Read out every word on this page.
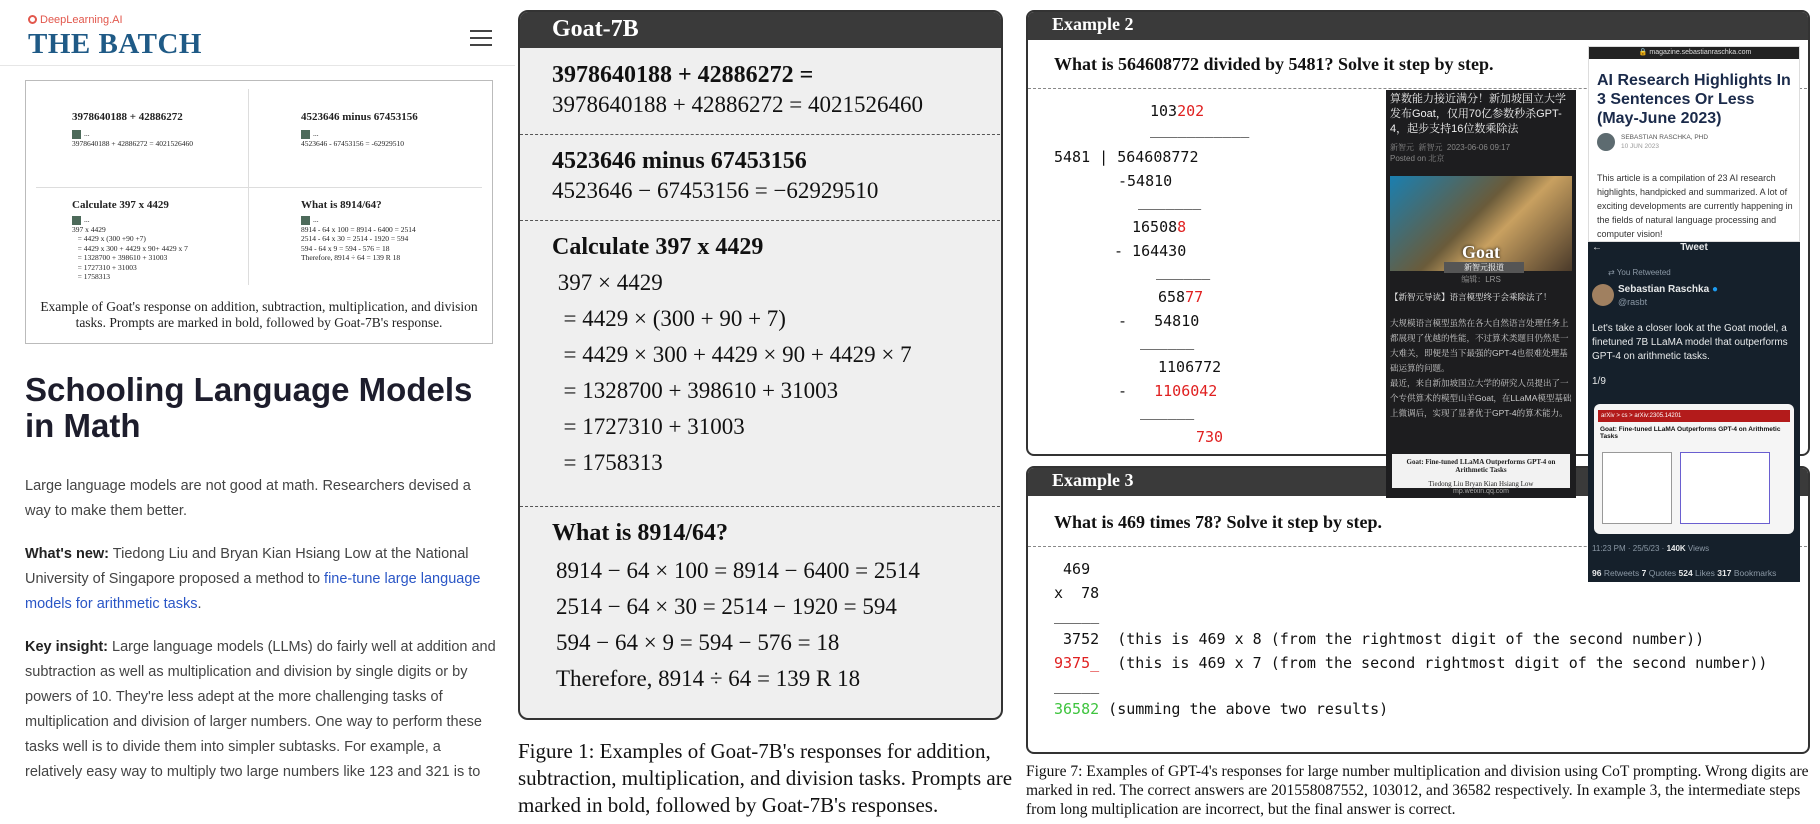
DeepLearning.AI
THE BATCH
3978640188 + 42886272
...
3978640188 + 42886272 = 4021526460
4523646 minus 67453156
...
4523646 - 67453156 = -62929510
Calculate 397 x 4429
...
397 x 4429
= 4429 x (300 +90 +7)
= 4429 x 300 + 4429 x 90+ 4429 x 7
= 1328700 + 398610 + 31003
= 1727310 + 31003
= 1758313
What is 8914/64?
...
8914 - 64 x 100 = 8914 - 6400 = 2514
2514 - 64 x 30 = 2514 - 1920 = 594
594 - 64 x 9 = 594 - 576 = 18
Therefore, 8914 ÷ 64 = 139 R 18
Example of Goat's response on addition, subtraction, multiplication, and division tasks. Prompts are marked in bold, followed by Goat-7B's response.
Schooling Language Models in Math
Large language models are not good at math. Researchers devised a way to make them better.
What's new: Tiedong Liu and Bryan Kian Hsiang Low at the National University of Singapore proposed a method to fine-tune large language models for arithmetic tasks.
Key insight: Large language models (LLMs) do fairly well at addition and subtraction as well as multiplication and division by single digits or by powers of 10. They're less adept at the more challenging tasks of multiplication and division of larger numbers. One way to perform these tasks well is to divide them into simpler subtasks. For example, a relatively easy way to multiply two large numbers like 123 and 321 is to
Goat-7B
3978640188 + 42886272 =
3978640188 + 42886272 = 4021526460
4523646 minus 67453156
4523646 − 67453156 = −62929510
Calculate 397 x 4429
397 × 4429
= 4429 × (300 + 90 + 7)
= 4429 × 300 + 4429 × 90 + 4429 × 7
= 1328700 + 398610 + 31003
= 1727310 + 31003
= 1758313
What is 8914/64?
8914 − 64 × 100 = 8914 − 6400 = 2514
2514 − 64 × 30 = 2514 − 1920 = 594
594 − 64 × 9 = 594 − 576 = 18
Therefore, 8914 ÷ 64 = 139 R 18
Figure 1: Examples of Goat-7B's responses for addition, subtraction, multiplication, and division tasks. Prompts are marked in bold, followed by Goat-7B's responses.
Example 2
What is 564608772 divided by 5481? Solve it step by step.
103202
___________
5481 | 564608772
-54810
_______
165088
- 164430
______
65877
-   54810
______
1106772
-   1106042
______
730
Example 3
What is 469 times 78? Solve it step by step.
469
x  78
_____
3752  (this is 469 x 8 (from the rightmost digit of the second number))
9375_  (this is 469 x 7 (from the second rightmost digit of the second number))
_____
36582 (summing the above two results)
算数能力接近满分！新加坡国立大学发布Goat，仅用70亿参数秒杀GPT-4，起步支持16位数乘除法
新智元  新智元  2023-06-06 09:17
Posted on 北京
Goat
新智元报道
编辑：LRS
【新智元导读】语言模型终于会乘除法了！
大规模语言模型虽然在各大自然语言处理任务上都展现了优越的性能，不过算术类题目仍然是一大难关，即便是当下最强的GPT-4也很难处理基础运算的问题。
最近，来自新加坡国立大学的研究人员提出了一个专供算术的模型山羊Goat，在LLaMA模型基础上微调后，实现了显著优于GPT-4的算术能力。
Goat: Fine-tuned LLaMA Outperforms GPT-4 on Arithmetic Tasks
Tiedong Liu Bryan Kian Hsiang Low
mp.weixin.qq.com
🔒 magazine.sebastianraschka.com
AI Research Highlights In 3 Sentences Or Less (May-June 2023)
SEBASTIAN RASCHKA, PHD
10 JUN 2023
This article is a compilation of 23 AI research highlights, handpicked and summarized. A lot of exciting developments are currently happening in the fields of natural language processing and computer vision!
←	Tweet
⇄ You Retweeted
Sebastian Raschka ●
@rasbt
Let's take a closer look at the Goat model, a finetuned 7B LLaMA model that outperforms GPT-4 on arithmetic tasks.
1/9
arXiv > cs > arXiv:2305.14201
Goat: Fine-tuned LLaMA Outperforms GPT-4 on Arithmetic Tasks
11:23 PM · 25/5/23 · 140K Views
96 Retweets 7 Quotes 524 Likes 317 Bookmarks
Figure 7: Examples of GPT-4's responses for large number multiplication and division using CoT prompting. Wrong digits are marked in red. The correct answers are 201558087552, 103012, and 36582 respectively. In example 3, the intermediate steps from long multiplication are incorrect, but the final answer is correct.
